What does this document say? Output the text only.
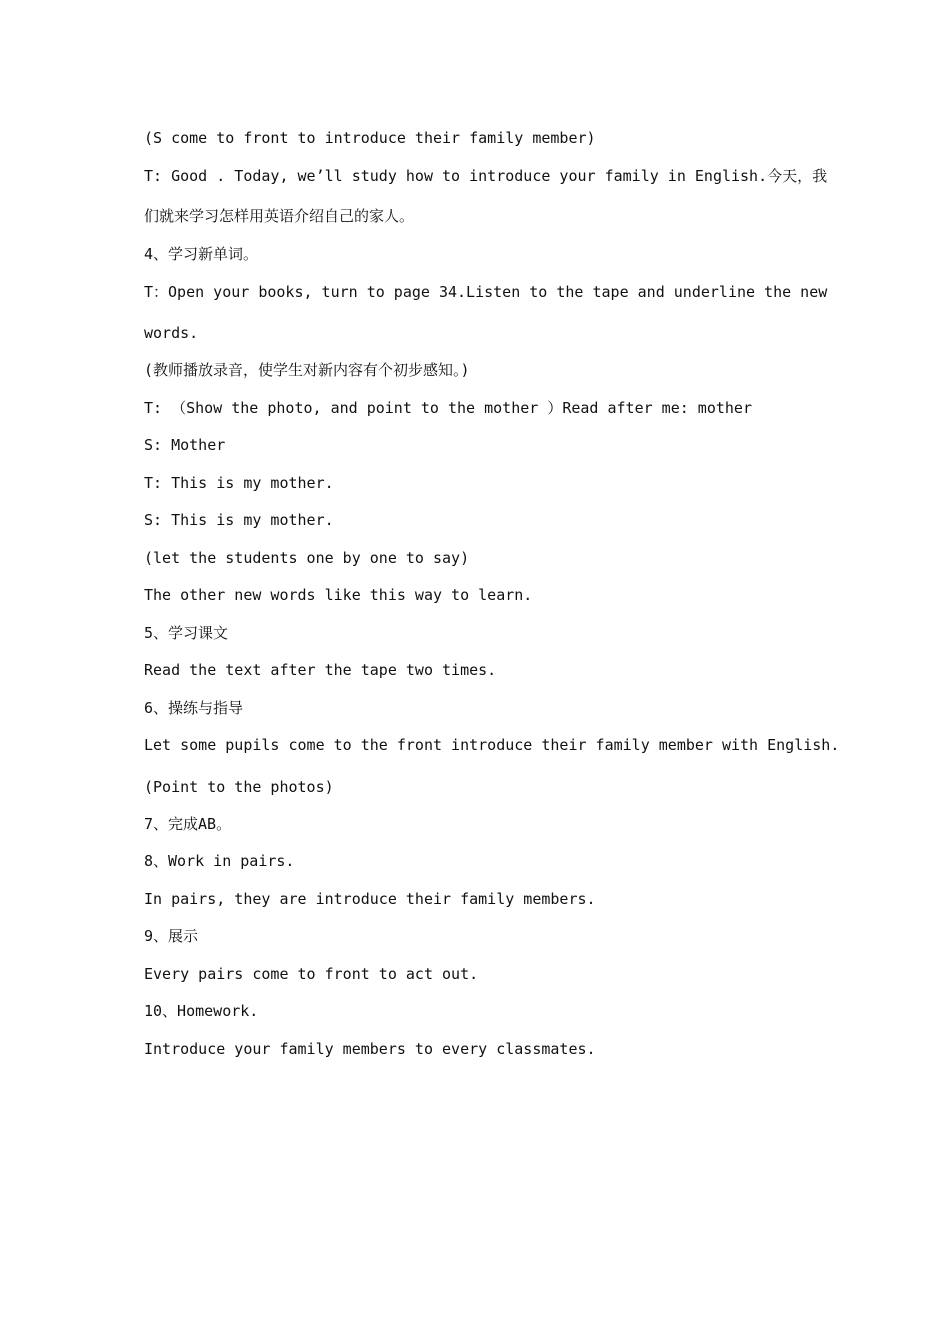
(S come to front to introduce their family member)
T: Good . Today, we’ll study how to introduce your family in English.今天，我
们就来学习怎样用英语介绍自己的家人。
4、学习新单词。
T：Open your books, turn to page 34.Listen to the tape and underline the new
words.
(教师播放录音，使学生对新内容有个初步感知。)
T: （Show the photo, and point to the mother ）Read after me: mother
S: Mother
T: This is my mother.
S: This is my mother.
(let the students one by one to say)
The other new words like this way to learn.
5、学习课文
Read the text after the tape two times.
6、操练与指导
Let some pupils come to the front introduce their family member with English.
(Point to the photos)
7、完成AB。
8、Work in pairs.
In pairs, they are introduce their family members.
9、展示
Every pairs come to front to act out.
10、Homework.
Introduce your family members to every classmates.
